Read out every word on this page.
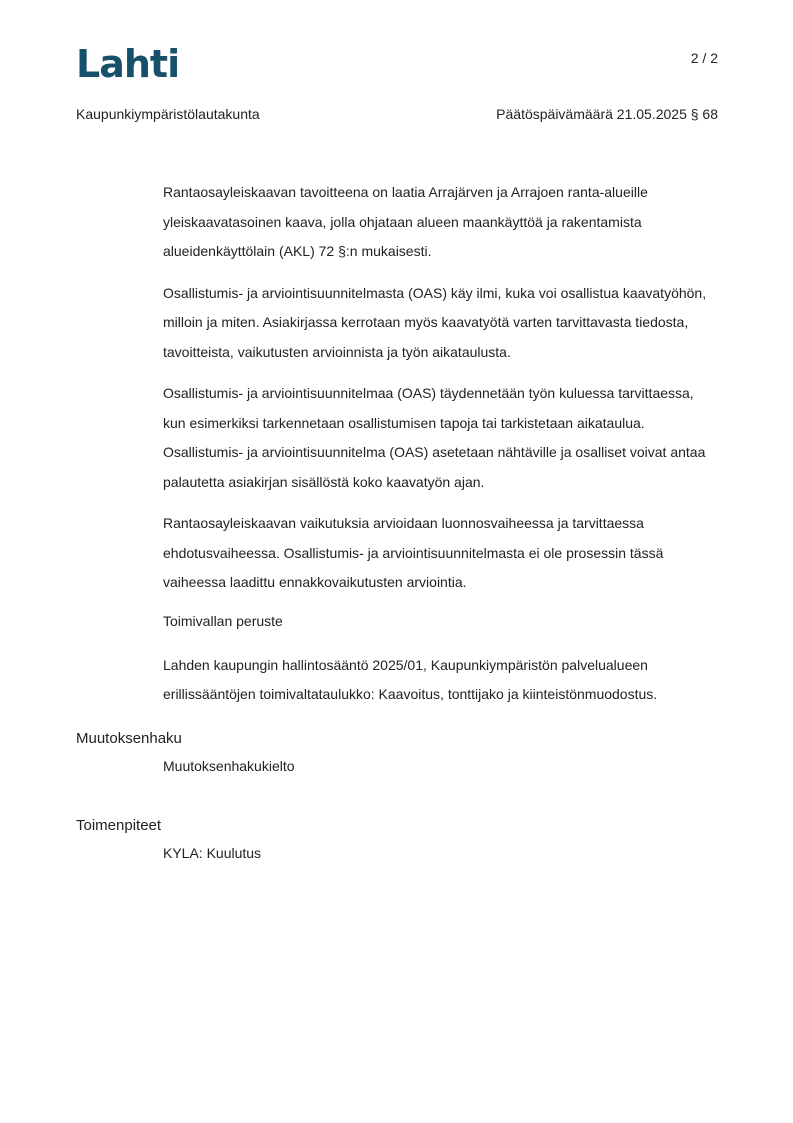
Lahti	2 / 2
Kaupunkiympäristölautakunta	Päätöspäivämäärä 21.05.2025 § 68

Rantaosayleiskaavan tavoitteena on laatia Arrajärven ja Arrajoen ranta-alueille yleiskaavatasoinen kaava, jolla ohjataan alueen maankäyttöä ja rakentamista alueidenkäyttölain (AKL) 72 §:n mukaisesti.

Osallistumis- ja arviointisuunnitelmasta (OAS) käy ilmi, kuka voi osallistua kaavatyöhön, milloin ja miten. Asiakirjassa kerrotaan myös kaavatyötä varten tarvittavasta tiedosta, tavoitteista, vaikutusten arvioinnista ja työn aikataulusta.

Osallistumis- ja arviointisuunnitelmaa (OAS) täydennetään työn kuluessa tarvittaessa, kun esimerkiksi tarkennetaan osallistumisen tapoja tai tarkistetaan aikataulua. Osallistumis- ja arviointisuunnitelma (OAS) asetetaan nähtäville ja osalliset voivat antaa palautetta asiakirjan sisällöstä koko kaavatyön ajan.

Rantaosayleiskaavan vaikutuksia arvioidaan luonnosvaiheessa ja tarvittaessa ehdotusvaiheessa. Osallistumis- ja arviointisuunnitelmasta ei ole prosessin tässä vaiheessa laadittu ennakkovaikutusten arviointia.

Toimivallan peruste

Lahden kaupungin hallintosääntö 2025/01, Kaupunkiympäristön palvelualueen erillissääntöjen toimivaltataulukko: Kaavoitus, tonttijako ja kiinteistönmuodostus.

Muutoksenhaku
Muutoksenhakukielto
Toimenpiteet
KYLA: Kuulutus
